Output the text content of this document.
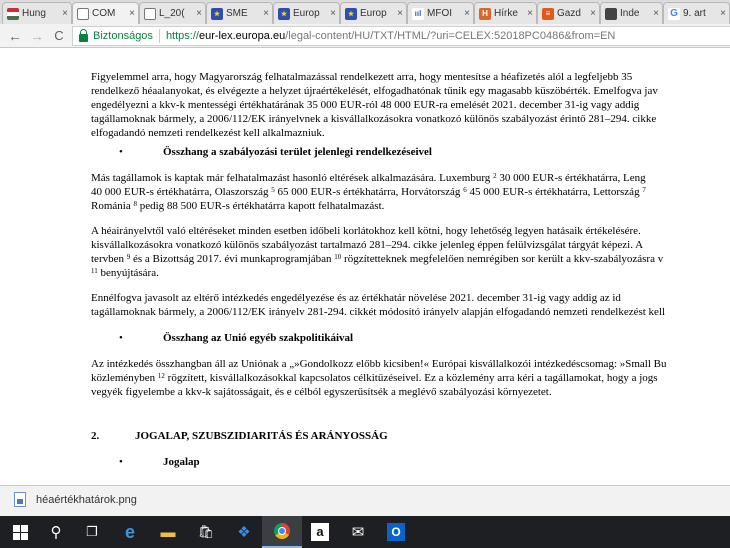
Hung	× COM	× L_20(	×	★ SME	×	★ Europ	×	★ Europ	×	ııl MFOI	×	H Hírke ×	≡ Gazd × Inde	× G 9. art	×
← → C	Biztonságos https:// eur-lex.europa.eu /legal-content/HU/TXT/HTML/?uri=CELEX:52018PC0486&from=EN
Figyelemmel arra, hogy Magyarország felhatalmazással rendelkezett arra, hogy mentesítse a héafizetés alól a legfeljebb 35
rendelkező héaalanyokat, és elvégezte a helyzet újraértékelését, elfogadhatónak tűnik egy magasabb küszöbérték. Emelfogva jav
engedélyezni a kkv-k mentességi értékhatárának 35 000 EUR-ról 48 000 EUR-ra emelését 2021. december 31-ig vagy addig
tagállamoknak bármely, a 2006/112/EK irányelvnek a kisvállalkozásokra vonatkozó különös szabályozást érintő 281–294. cikke
elfogadandó nemzeti rendelkezést kell alkalmazniuk.
•	Összhang a szabályozási terület jelenlegi rendelkezéseivel
Más tagállamok is kaptak már felhatalmazást hasonló eltérések alkalmazására. Luxemburg $^2$ 30 000 EUR-s értékhatárra, Leng
40 000 EUR-s értékhatárra, Olaszország $^5$ 65 000 EUR-s értékhatárra, Horvátország $^6$ 45 000 EUR-s értékhatárra, Lettország $^7$
Románia $^8$ pedig 88 500 EUR-s értékhatárra kapott felhatalmazást.
A héairányelvtől való eltéréseket minden esetben időbeli korlátokhoz kell kötni, hogy lehetőség legyen hatásaik értékelésére.
kisvállalkozásokra vonatkozó különös szabályozást tartalmazó 281–294. cikke jelenleg éppen felülvizsgálat tárgyát képezi. A
tervben $^9$ és a Bizottság 2017. évi munkaprogramjában $^{10}$ rögzítetteknek megfelelően nemrégiben sor került a kkv-szabályozásra v
$^{11}$ benyújtására.
Ennélfogva javasolt az eltérő intézkedés engedélyezése és az értékhatár növelése 2021. december 31-ig vagy addig az id
tagállamoknak bármely, a 2006/112/EK irányelv 281-294. cikkét módosító irányelv alapján elfogadandó nemzeti rendelkezést kell
•	Összhang az Unió egyéb szakpolitikáival
Az intézkedés összhangban áll az Uniónak a „»Gondolkozz előbb kicsiben!« Európai kisvállalkozói intézkedéscsomag: »Small Bu
közleményben $^{12}$ rögzített, kisvállalkozásokkal kapcsolatos célkitűzéseivel. Ez a közlemény arra kéri a tagállamokat, hogy a jogs
vegyék figyelembe a kkv-k sajátosságait, és e célból egyszerűsítsék a meglévő szabályozási környezetet.
2.	JOGALAP, SZUBSZIDIARITÁS ÉS ARÁNYOSSÁG
•	Jogalap
héaértékhatárok.png
⚲	❐	e	▬	🛍	❖	a	✉	O
